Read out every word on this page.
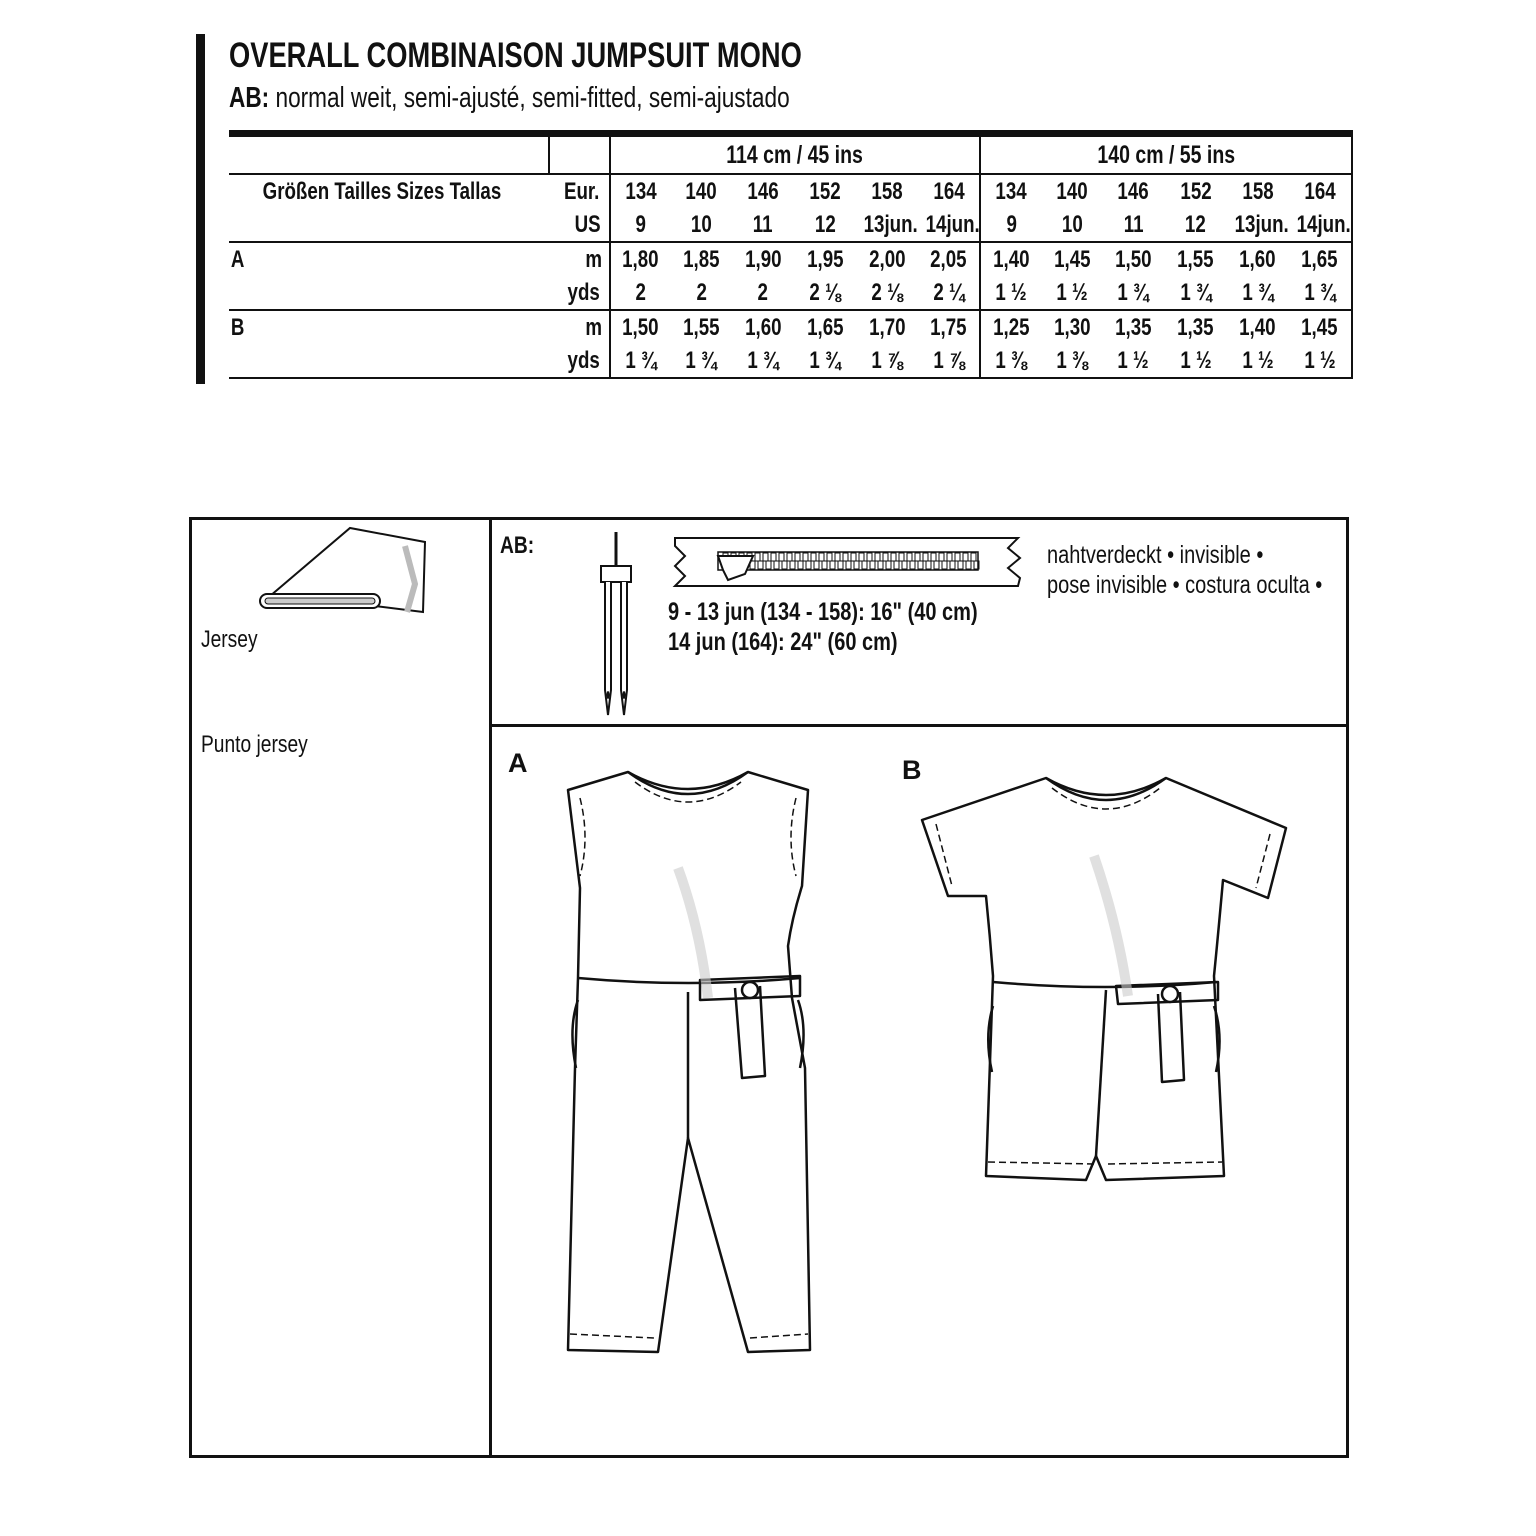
OVERALL COMBINAISON JUMPSUIT MONO
AB: normal weit, semi-ajusté, semi-fitted, semi-ajustado
		114 cm / 45 ins						140 cm / 55 ins					
Größen Tailles Sizes Tallas	Eur.	134	140	146	152	158	164	134	140	146	152	158	164
	US	9	10	11	12	13jun.	14jun.	9	10	11	12	13jun.	14jun.
A	m	1,80	1,85	1,90	1,95	2,00	2,05	1,40	1,45	1,50	1,55	1,60	1,65
	yds	2	2	2	2 ⅛	2 ⅛	2 ¼	1 ½	1 ½	1 ¾	1 ¾	1 ¾	1 ¾
B	m	1,50	1,55	1,60	1,65	1,70	1,75	1,25	1,30	1,35	1,35	1,40	1,45
	yds	1 ¾	1 ¾	1 ¾	1 ¾	1 ⅞	1 ⅞	1 ⅜	1 ⅜	1 ½	1 ½	1 ½	1 ½
Jersey
Punto jersey
AB:
9 - 13 jun (134 - 158): 16" (40 cm)
14 jun (164): 24" (60 cm)
nahtverdeckt • invisible •
pose invisible • costura oculta •
A	B
